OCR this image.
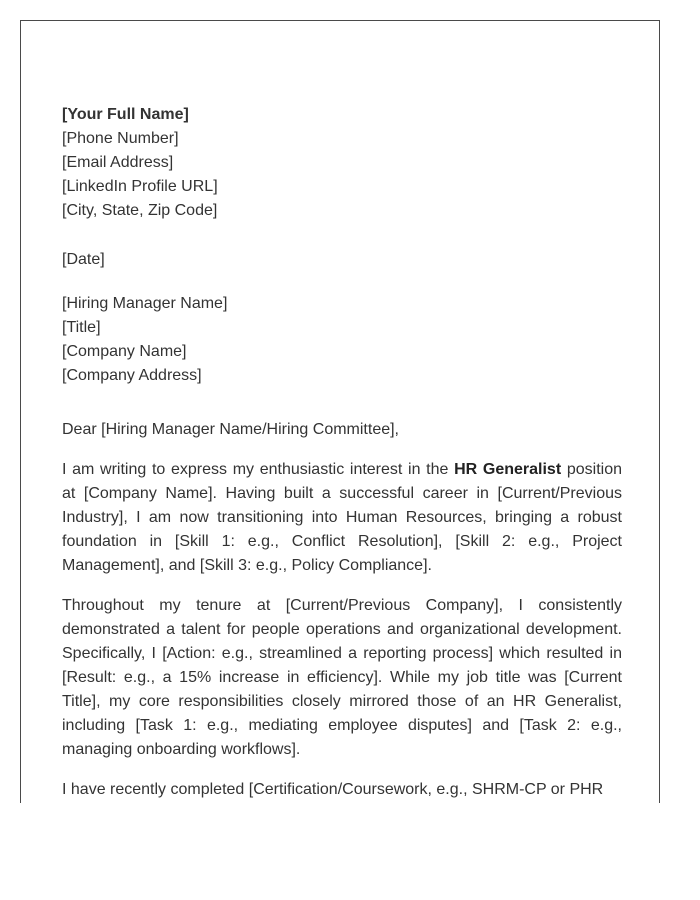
[Your Full Name]
[Phone Number]
[Email Address]
[LinkedIn Profile URL]
[City, State, Zip Code]
[Date]
[Hiring Manager Name]
[Title]
[Company Name]
[Company Address]
Dear [Hiring Manager Name/Hiring Committee],

I am writing to express my enthusiastic interest in the HR Generalist position at [Company Name]. Having built a successful career in [Current/Previous Industry], I am now transitioning into Human Resources, bringing a robust foundation in [Skill 1: e.g., Conflict Resolution], [Skill 2: e.g., Project Management], and [Skill 3: e.g., Policy Compliance].

Throughout my tenure at [Current/Previous Company], I consistently demonstrated a talent for people operations and organizational development. Specifically, I [Action: e.g., streamlined a reporting process] which resulted in [Result: e.g., a 15% increase in efficiency]. While my job title was [Current Title], my core responsibilities closely mirrored those of an HR Generalist, including [Task 1: e.g., mediating employee disputes] and [Task 2: e.g., managing onboarding workflows].

I have recently completed [Certification/Coursework, e.g., SHRM-CP or PHR
